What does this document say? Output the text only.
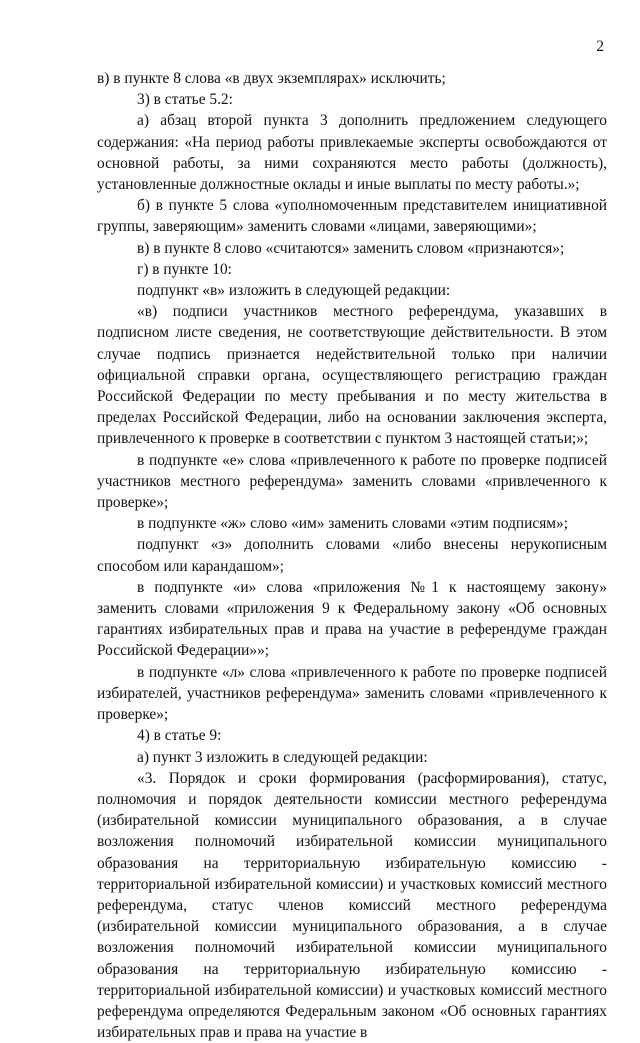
2

в) в пункте 8 слова «в двух экземплярах» исключить;

3) в статье 5.2:

а) абзац второй пункта 3 дополнить предложением следующего содержания: «На период работы привлекаемые эксперты освобождаются от основной работы, за ними сохраняются место работы (должность), установленные должностные оклады и иные выплаты по месту работы.»;

б) в пункте 5 слова «уполномоченным представителем инициативной группы, заверяющим» заменить словами «лицами, заверяющими»;

в) в пункте 8 слово «считаются» заменить словом «признаются»;

г) в пункте 10:

подпункт «в» изложить в следующей редакции:

«в) подписи участников местного референдума, указавших в подписном листе сведения, не соответствующие действительности. В этом случае подпись признается недействительной только при наличии официальной справки органа, осуществляющего регистрацию граждан Российской Федерации по месту пребывания и по месту жительства в пределах Российской Федерации, либо на основании заключения эксперта, привлеченного к проверке в соответствии с пунктом 3 настоящей статьи;»;

в подпункте «е» слова «привлеченного к работе по проверке подписей участников местного референдума» заменить словами «привлеченного к проверке»;

в подпункте «ж» слово «им» заменить словами «этим подписям»;

подпункт «з» дополнить словами «либо внесены нерукописным способом или карандашом»;

в подпункте «и» слова «приложения №1 к настоящему закону» заменить словами «приложения 9 к Федеральному закону «Об основных гарантиях избирательных прав и права на участие в референдуме граждан Российской Федерации»»;

в подпункте «л» слова «привлеченного к работе по проверке подписей избирателей, участников референдума» заменить словами «привлеченного к проверке»;

4) в статье 9:

а) пункт 3 изложить в следующей редакции:

«3. Порядок и сроки формирования (расформирования), статус, полномочия и порядок деятельности комиссии местного референдума (избирательной комиссии муниципального образования, а в случае возложения полномочий избирательной комиссии муниципального образования на территориальную избирательную комиссию - территориальной избирательной комиссии) и участковых комиссий местного референдума, статус членов комиссий местного референдума (избирательной комиссии муниципального образования, а в случае возложения полномочий избирательной комиссии муниципального образования на территориальную избирательную комиссию - территориальной избирательной комиссии) и участковых комиссий местного референдума определяются Федеральным законом «Об основных гарантиях избирательных прав и права на участие в
